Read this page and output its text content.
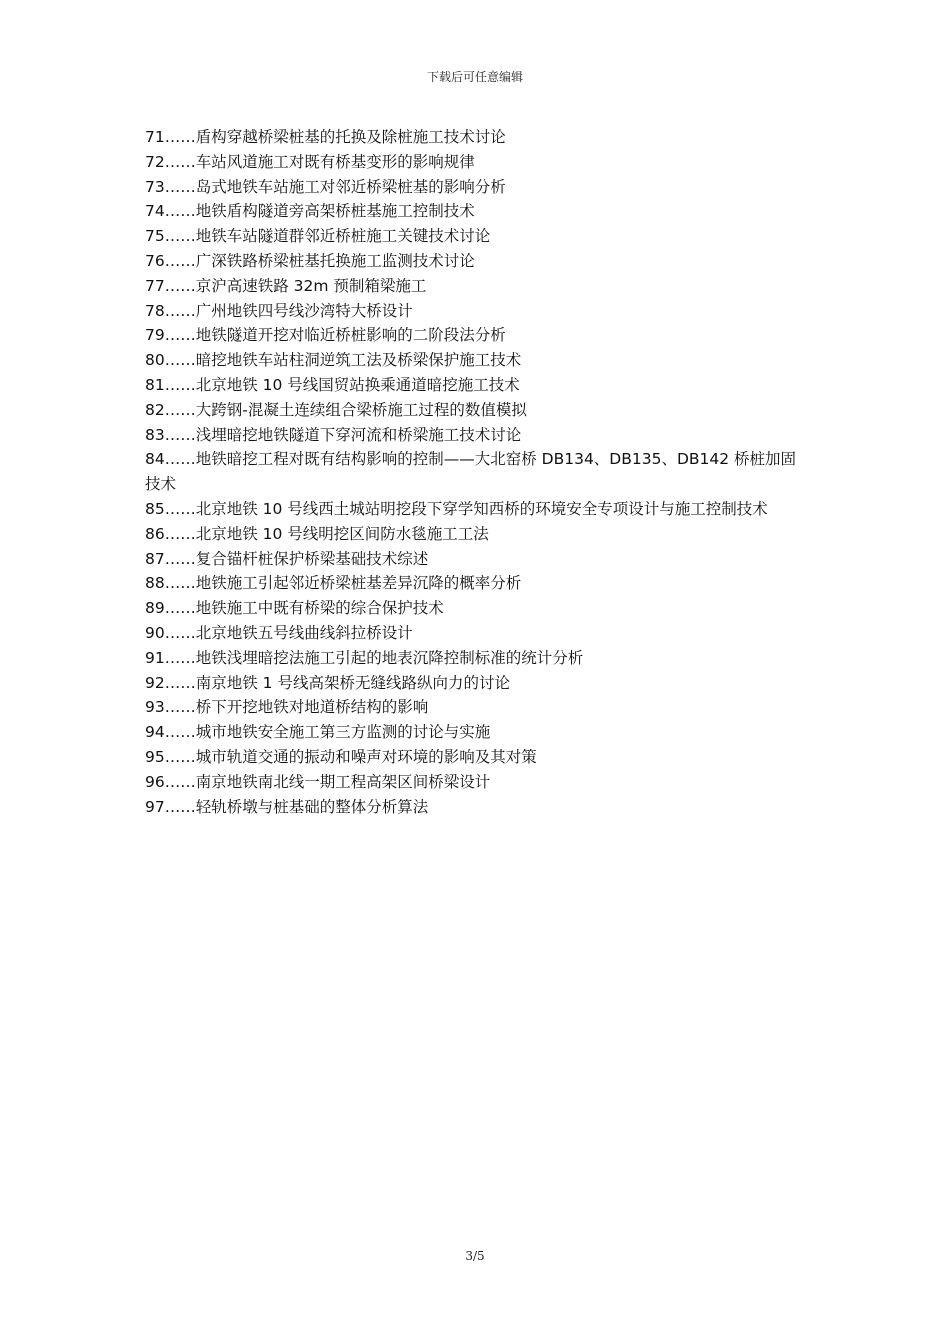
下载后可任意编辑
71……盾构穿越桥梁桩基的托换及除桩施工技术讨论
72……车站风道施工对既有桥基变形的影响规律
73……岛式地铁车站施工对邻近桥梁桩基的影响分析
74……地铁盾构隧道旁高架桥桩基施工控制技术
75……地铁车站隧道群邻近桥桩施工关键技术讨论
76……广深铁路桥梁桩基托换施工监测技术讨论
77……京沪高速铁路 32m 预制箱梁施工
78……广州地铁四号线沙湾特大桥设计
79……地铁隧道开挖对临近桥桩影响的二阶段法分析
80……暗挖地铁车站柱洞逆筑工法及桥梁保护施工技术
81……北京地铁 10 号线国贸站换乘通道暗挖施工技术
82……大跨钢-混凝土连续组合梁桥施工过程的数值模拟
83……浅埋暗挖地铁隧道下穿河流和桥梁施工技术讨论
84……地铁暗挖工程对既有结构影响的控制——大北窑桥 DB134、DB135、DB142 桥桩加固技术
85……北京地铁 10 号线西土城站明挖段下穿学知西桥的环境安全专项设计与施工控制技术
86……北京地铁 10 号线明挖区间防水毯施工工法
87……复合锚杆桩保护桥梁基础技术综述
88……地铁施工引起邻近桥梁桩基差异沉降的概率分析
89……地铁施工中既有桥梁的综合保护技术
90……北京地铁五号线曲线斜拉桥设计
91……地铁浅埋暗挖法施工引起的地表沉降控制标准的统计分析
92……南京地铁 1 号线高架桥无缝线路纵向力的讨论
93……桥下开挖地铁对地道桥结构的影响
94……城市地铁安全施工第三方监测的讨论与实施
95……城市轨道交通的振动和噪声对环境的影响及其对策
96……南京地铁南北线一期工程高架区间桥梁设计
97……轻轨桥墩与桩基础的整体分析算法
3/5
